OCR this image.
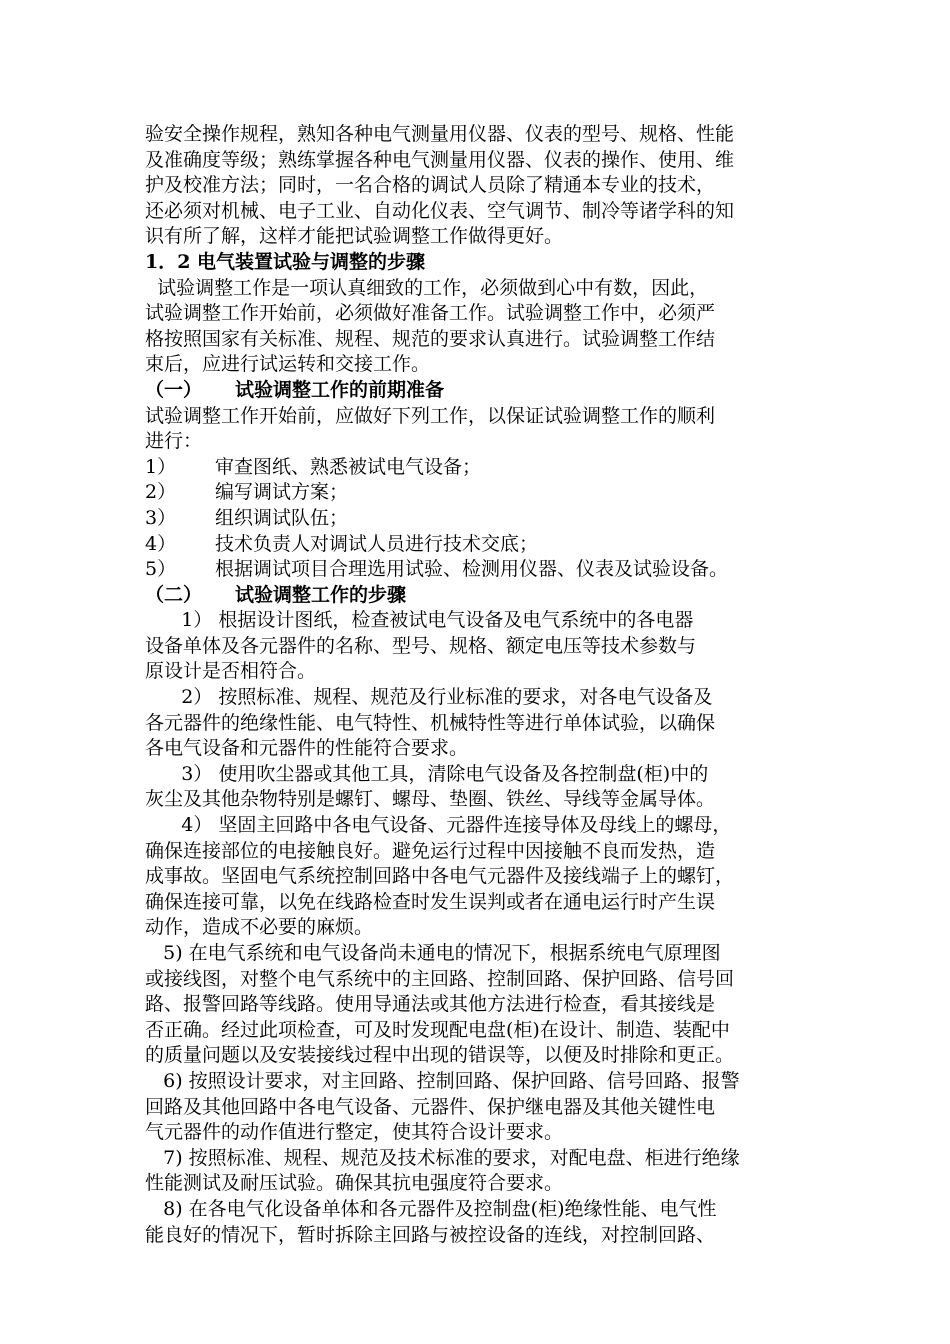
验安全操作规程，熟知各种电气测量用仪器、仪表的型号、规格、性能
及准确度等级；熟练掌握各种电气测量用仪器、仪表的操作、使用、维
护及校准方法；同时，一名合格的调试人员除了精通本专业的技术，
还必须对机械、电子工业、自动化仪表、空气调节、制冷等诸学科的知
识有所了解，这样才能把试验调整工作做得更好。

1．2 电气装置试验与调整的步骤

试验调整工作是一项认真细致的工作，必须做到心中有数，因此，
试验调整工作开始前，必须做好准备工作。试验调整工作中，必须严
格按照国家有关标准、规程、规范的要求认真进行。试验调整工作结
束后，应进行试运转和交接工作。

（一） 试验调整工作的前期准备

试验调整工作开始前，应做好下列工作，以保证试验调整工作的顺利
进行：

1） 审查图纸、熟悉被试电气设备；

2） 编写调试方案；

3） 组织调试队伍；

4） 技术负责人对调试人员进行技术交底；

5） 根据调试项目合理选用试验、检测用仪器、仪表及试验设备。

（二） 试验调整工作的步骤

1） 根据设计图纸，检查被试电气设备及电气系统中的各电器
设备单体及各元器件的名称、型号、规格、额定电压等技术参数与
原设计是否相符合。

2） 按照标准、规程、规范及行业标准的要求，对各电气设备及
各元器件的绝缘性能、电气特性、机械特性等进行单体试验，以确保
各电气设备和元器件的性能符合要求。

3） 使用吹尘器或其他工具，清除电气设备及各控制盘(柜)中的
灰尘及其他杂物特别是螺钉、螺母、垫圈、铁丝、导线等金属导体。

4） 坚固主回路中各电气设备、元器件连接导体及母线上的螺母，
确保连接部位的电接触良好。避免运行过程中因接触不良而发热，造
成事故。坚固电气系统控制回路中各电气元器件及接线端子上的螺钉，
确保连接可靠，以免在线路检查时发生误判或者在通电运行时产生误
动作，造成不必要的麻烦。

5) 在电气系统和电气设备尚未通电的情况下，根据系统电气原理图
或接线图，对整个电气系统中的主回路、控制回路、保护回路、信号回
路、报警回路等线路。使用导通法或其他方法进行检查，看其接线是
否正确。经过此项检查，可及时发现配电盘(柜)在设计、制造、装配中
的质量问题以及安装接线过程中出现的错误等，以便及时排除和更正。

6) 按照设计要求，对主回路、控制回路、保护回路、信号回路、报警
回路及其他回路中各电气设备、元器件、保护继电器及其他关键性电
气元器件的动作值进行整定，使其符合设计要求。

7) 按照标准、规程、规范及技术标准的要求，对配电盘、柜进行绝缘
性能测试及耐压试验。确保其抗电强度符合要求。

8) 在各电气化设备单体和各元器件及控制盘(柜)绝缘性能、电气性
能良好的情况下，暂时拆除主回路与被控设备的连线，对控制回路、
